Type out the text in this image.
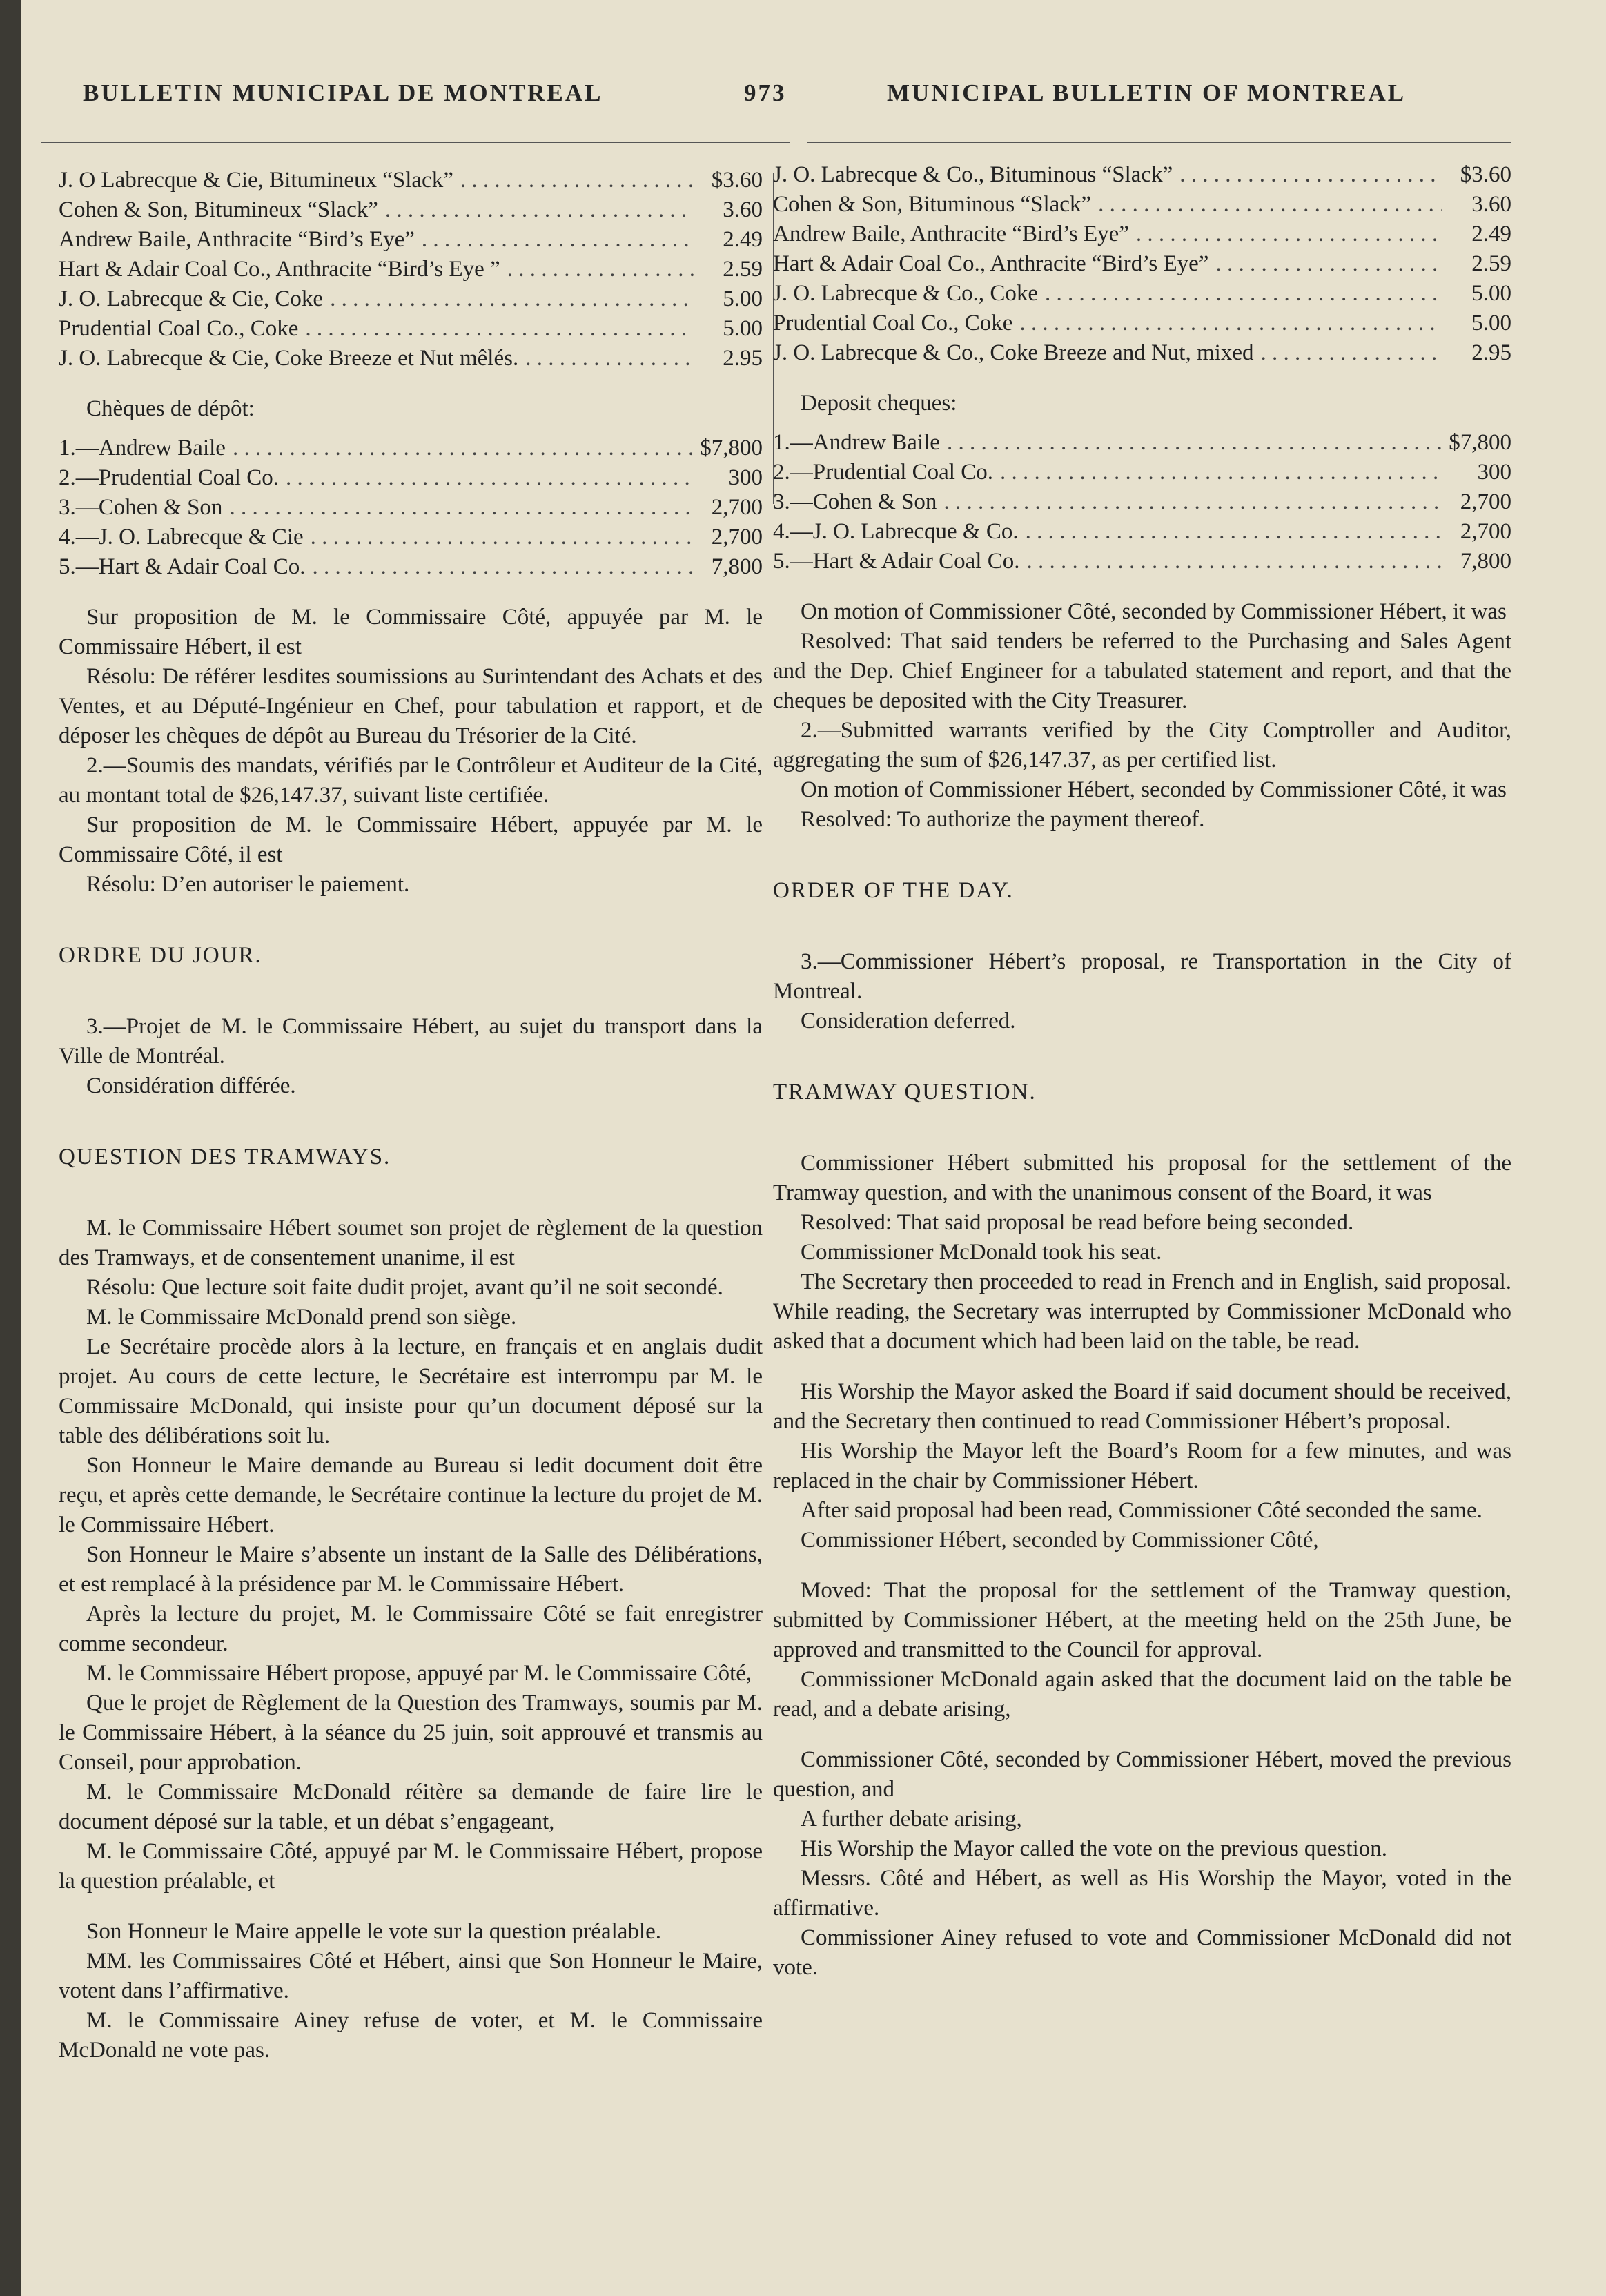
BULLETIN MUNICIPAL DE MONTREAL	973	MUNICIPAL BULLETIN OF MONTREAL
J. O Labrecque & Cie, Bitumineux “Slack” . . .	$3.60
Cohen & Son, Bitumineux “Slack” . . .	3.60
Andrew Baile, Anthracite “Bird’s Eye” . . .	2.49
Hart & Adair Coal Co., Anthracite “Bird’s Eye ” . . .	2.59
J. O. Labrecque & Cie, Coke . . .	5.00
Prudential Coal Co., Coke . . .	5.00
J. O. Labrecque & Cie, Coke Breeze et Nut mêlés. . . .	2.95

Chèques de dépôt:

1.—Andrew Baile . . .	$7,800
2.—Prudential Coal Co. . . .	300
3.—Cohen & Son . . .	2,700
4.—J. O. Labrecque & Cie . . .	2,700
5.—Hart & Adair Coal Co. . . .	7,800

Sur proposition de M. le Commissaire Côté, appuyée par M. le Commissaire Hébert, il est

Résolu: De référer lesdites soumissions au Surintendant des Achats et des Ventes, et au Député-Ingénieur en Chef, pour tabulation et rapport, et de déposer les chèques de dépôt au Bureau du Trésorier de la Cité.

2.—Soumis des mandats, vérifiés par le Contrôleur et Auditeur de la Cité, au montant total de $26,147.37, suivant liste certifiée.

Sur proposition de M. le Commissaire Hébert, appuyée par M. le Commissaire Côté, il est

Résolu: D’en autoriser le paiement.

ORDRE DU JOUR.

3.—Projet de M. le Commissaire Hébert, au sujet du transport dans la Ville de Montréal.

Considération différée.

QUESTION DES TRAMWAYS.

M. le Commissaire Hébert soumet son projet de règlement de la question des Tramways, et de consentement unanime, il est

Résolu: Que lecture soit faite dudit projet, avant qu’il ne soit secondé.

M. le Commissaire McDonald prend son siège.

Le Secrétaire procède alors à la lecture, en français et en anglais dudit projet. Au cours de cette lecture, le Secrétaire est interrompu par M. le Commissaire McDonald, qui insiste pour qu’un document déposé sur la table des délibérations soit lu.

Son Honneur le Maire demande au Bureau si ledit document doit être reçu, et après cette demande, le Secrétaire continue la lecture du projet de M. le Commissaire Hébert.

Son Honneur le Maire s’absente un instant de la Salle des Délibérations, et est remplacé à la présidence par M. le Commissaire Hébert.

Après la lecture du projet, M. le Commissaire Côté se fait enregistrer comme secondeur.

M. le Commissaire Hébert propose, appuyé par M. le Commissaire Côté,

Que le projet de Règlement de la Question des Tramways, soumis par M. le Commissaire Hébert, à la séance du 25 juin, soit approuvé et transmis au Conseil, pour approbation.

M. le Commissaire McDonald réitère sa demande de faire lire le document déposé sur la table, et un débat s’engageant,

M. le Commissaire Côté, appuyé par M. le Commissaire Hébert, propose la question préalable, et

Son Honneur le Maire appelle le vote sur la question préalable.

MM. les Commissaires Côté et Hébert, ainsi que Son Honneur le Maire, votent dans l’affirmative.

M. le Commissaire Ainey refuse de voter, et M. le Commissaire McDonald ne vote pas.

J. O. Labrecque & Co., Bituminous “Slack” . . .	$3.60
Cohen & Son, Bituminous “Slack” . . .	3.60
Andrew Baile, Anthracite “Bird’s Eye” . . .	2.49
Hart & Adair Coal Co., Anthracite “Bird’s Eye” . . .	2.59
J. O. Labrecque & Co., Coke . . .	5.00
Prudential Coal Co., Coke . . .	5.00
J. O. Labrecque & Co., Coke Breeze and Nut, mixed . . .	2.95

Deposit cheques:

1.—Andrew Baile . . .	$7,800
2.—Prudential Coal Co. . . .	300
3.—Cohen & Son . . .	2,700
4.—J. O. Labrecque & Co. . . .	2,700
5.—Hart & Adair Coal Co. . . .	7,800

On motion of Commissioner Côté, seconded by Commissioner Hébert, it was

Resolved: That said tenders be referred to the Purchasing and Sales Agent and the Dep. Chief Engineer for a tabulated statement and report, and that the cheques be deposited with the City Treasurer.

2.—Submitted warrants verified by the City Comptroller and Auditor, aggregating the sum of $26,147.37, as per certified list.

On motion of Commissioner Hébert, seconded by Commissioner Côté, it was

Resolved: To authorize the payment thereof.

ORDER OF THE DAY.

3.—Commissioner Hébert’s proposal, re Transportation in the City of Montreal.

Consideration deferred.

TRAMWAY QUESTION.

Commissioner Hébert submitted his proposal for the settlement of the Tramway question, and with the unanimous consent of the Board, it was

Resolved: That said proposal be read before being seconded.

Commissioner McDonald took his seat.

The Secretary then proceeded to read in French and in English, said proposal. While reading, the Secretary was interrupted by Commissioner McDonald who asked that a document which had been laid on the table, be read.

His Worship the Mayor asked the Board if said document should be received, and the Secretary then continued to read Commissioner Hébert’s proposal.

His Worship the Mayor left the Board’s Room for a few minutes, and was replaced in the chair by Commissioner Hébert.

After said proposal had been read, Commissioner Côté seconded the same.

Commissioner Hébert, seconded by Commissioner Côté,

Moved: That the proposal for the settlement of the Tramway question, submitted by Commissioner Hébert, at the meeting held on the 25th June, be approved and transmitted to the Council for approval.

Commissioner McDonald again asked that the document laid on the table be read, and a debate arising,

Commissioner Côté, seconded by Commissioner Hébert, moved the previous question, and

A further debate arising,

His Worship the Mayor called the vote on the previous question.

Messrs. Côté and Hébert, as well as His Worship the Mayor, voted in the affirmative.

Commissioner Ainey refused to vote and Commissioner McDonald did not vote.
